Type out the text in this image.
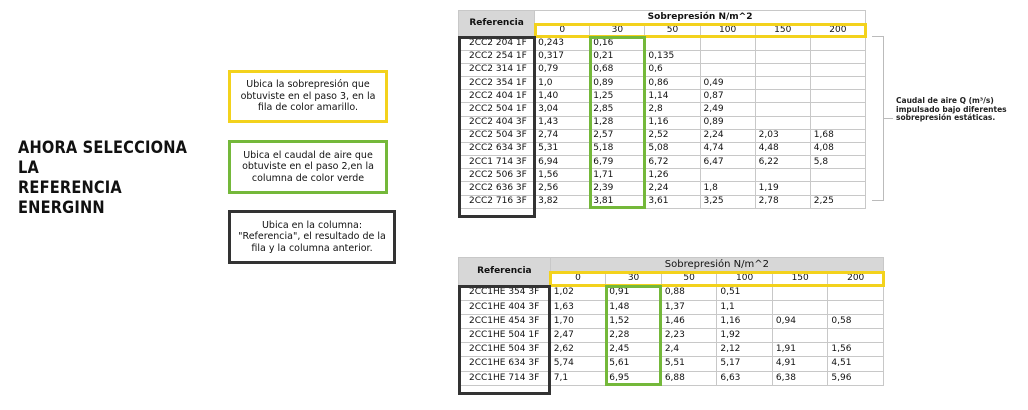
AHORA SELECCIONA LA
REFERENCIA ENERGINN
Ubica la sobrepresión que obtuviste en el paso 3, en la fila de color amarillo.
Ubica el caudal de aire que obtuviste en el paso 2,en la columna de color verde
Ubica en la columna: "Referencia", el resultado de la fila y la columna anterior.
Referencia	Sobrepresión N/m^2					
	0	30	50	100	150	200
2CC2 204 1F	0,243	0,16				
2CC2 254 1F	0,317	0,21	0,135			
2CC2 314 1F	0,79	0,68	0,6			
2CC2 354 1F	1,0	0,89	0,86	0,49		
2CC2 404 1F	1,40	1,25	1,14	0,87		
2CC2 504 1F	3,04	2,85	2,8	2,49		
2CC2 404 3F	1,43	1,28	1,16	0,89		
2CC2 504 3F	2,74	2,57	2,52	2,24	2,03	1,68
2CC2 634 3F	5,31	5,18	5,08	4,74	4,48	4,08
2CC1 714 3F	6,94	6,79	6,72	6,47	6,22	5,8
2CC2 506 3F	1,56	1,71	1,26			
2CC2 636 3F	2,56	2,39	2,24	1,8	1,19	
2CC2 716 3F	3,82	3,81	3,61	3,25	2,78	2,25
Caudal de aire Q (m³/s) impulsado bajo diferentes sobrepresión estáticas.
Referencia	Sobrepresión N/m^2					
	0	30	50	100	150	200
2CC1HE 354 3F	1,02	0,91	0,88	0,51		
2CC1HE 404 3F	1,63	1,48	1,37	1,1		
2CC1HE 454 3F	1,70	1,52	1,46	1,16	0,94	0,58
2CC1HE 504 1F	2,47	2,28	2,23	1,92		
2CC1HE 504 3F	2,62	2,45	2,4	2,12	1,91	1,56
2CC1HE 634 3F	5,74	5,61	5,51	5,17	4,91	4,51
2CC1HE 714 3F	7,1	6,95	6,88	6,63	6,38	5,96
